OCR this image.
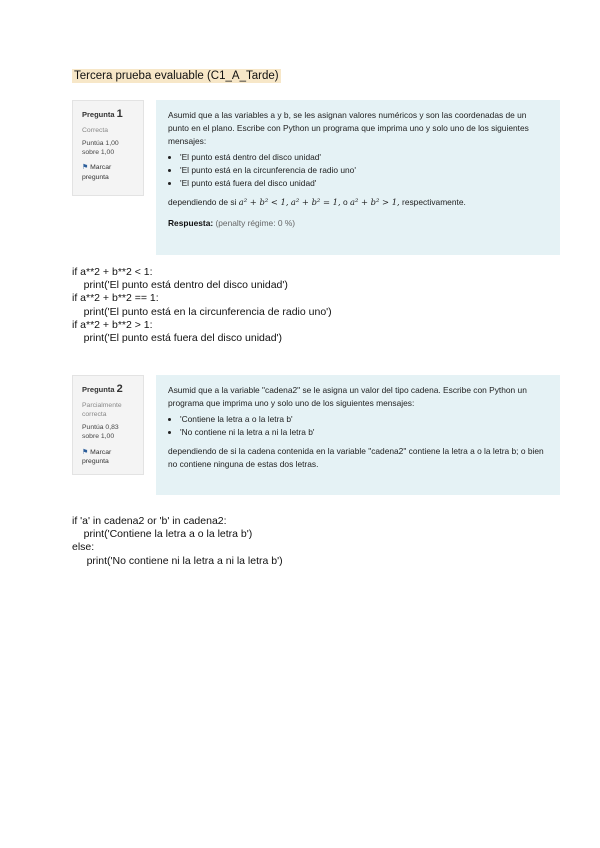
Tercera prueba evaluable (C1_A_Tarde)
Pregunta 1
Correcta
Puntúa 1,00
sobre 1,00
⚑ Marcar
pregunta

Asumid que a las variables a y b, se les asignan valores numéricos y son las coordenadas de un punto en el plano. Escribe con Python un programa que imprima uno y solo uno de los siguientes mensajes:

• 'El punto está dentro del disco unidad'
• 'El punto está en la circunferencia de radio uno'
• 'El punto está fuera del disco unidad'

dependiendo de si a² + b² < 1, a² + b² = 1, o a² + b² > 1, respectivamente.

Respuesta: (penalty régime: 0 %)
if a**2 + b**2 < 1:
print('El punto está dentro del disco unidad')
if a**2 + b**2 == 1:
print('El punto está en la circunferencia de radio uno')
if a**2 + b**2 > 1:
print('El punto está fuera del disco unidad')
Pregunta 2
Parcialmente
correcta
Puntúa 0,83
sobre 1,00
⚑ Marcar
pregunta

Asumid que a la variable "cadena2" se le asigna un valor del tipo cadena. Escribe con Python un programa que imprima uno y solo uno de los siguientes mensajes:

• 'Contiene la letra a o la letra b'
• 'No contiene ni la letra a ni la letra b'

dependiendo de si la cadena contenida en la variable "cadena2" contiene la letra a o la letra b; o bien no contiene ninguna de estas dos letras.

if 'a' in cadena2 or 'b' in cadena2:
print('Contiene la letra a o la letra b')
else:
print('No contiene ni la letra a ni la letra b')
